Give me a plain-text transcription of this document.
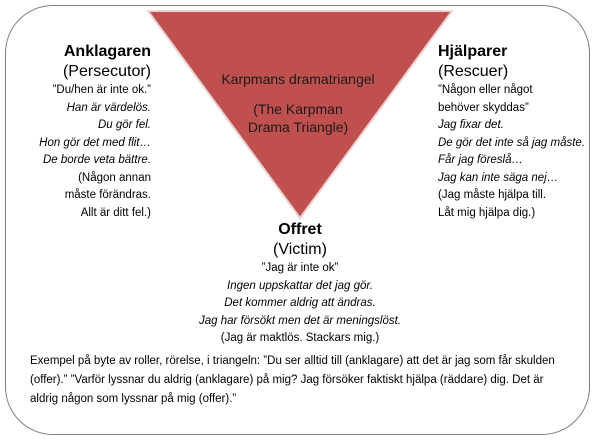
Karpmans dramatriangel
(The Karpman
Drama Triangle)
Anklagaren
(Persecutor)
”Du/hen är inte ok.”
Han är värdelös.
Du gör fel.
Hon gör det med flit…
De borde veta bättre.
(Någon annan
måste förändras.
Allt är ditt fel.)
Hjälparer
(Rescuer)
”Någon eller något
behöver skyddas”
Jag fixar det.
De gör det inte så jag måste.
Får jag föreslå…
Jag kan inte säga nej…
(Jag måste hjälpa till.
Låt mig hjälpa dig.)
Offret
(Victim)
”Jag är inte ok”
Ingen uppskattar det jag gör.
Det kommer aldrig att ändras.
Jag har försökt men det är meningslöst.
(Jag är maktlös. Stackars mig.)
Exempel på byte av roller, rörelse, i triangeln: ”Du ser alltid till (anklagare) att det är jag som får skulden (offer).” ”Varför lyssnar du aldrig (anklagare) på mig? Jag försöker faktiskt hjälpa (räddare) dig. Det är aldrig någon som lyssnar på mig (offer).”
